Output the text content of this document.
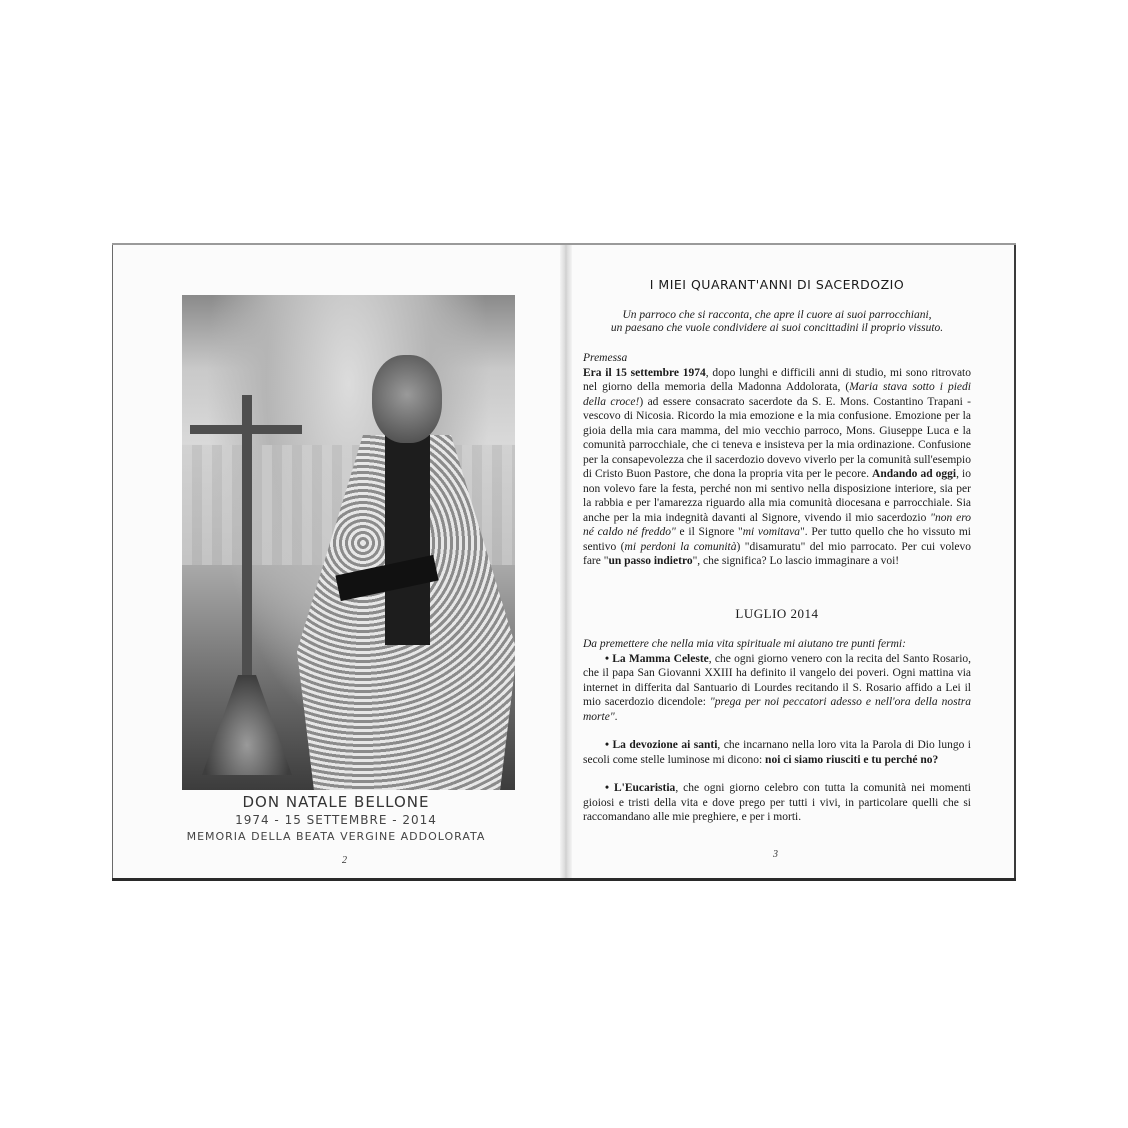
DON NATALE BELLONE
1974 - 15 SETTEMBRE - 2014
MEMORIA DELLA BEATA VERGINE ADDOLORATA
2
I MIEI QUARANT'ANNI DI SACERDOZIO
Un parroco che si racconta, che apre il cuore ai suoi parrocchiani,
un paesano che vuole condividere ai suoi concittadini il proprio vissuto.

Premessa

Era il 15 settembre 1974, dopo lunghi e difficili anni di studio, mi sono ritrovato nel giorno della memoria della Madonna Addolorata, (Maria stava sotto i piedi della croce!) ad essere consacrato sacerdote da S. E. Mons. Costantino Trapani - vescovo di Nicosia. Ricordo la mia emozione e la mia confusione. Emozione per la gioia della mia cara mamma, del mio vecchio parroco, Mons. Giuseppe Luca e la comunità parrocchiale, che ci teneva e insisteva per la mia ordinazione. Confusione per la consapevolezza che il sacerdozio dovevo viverlo per la comunità sull'esempio di Cristo Buon Pastore, che dona la propria vita per le pecore. Andando ad oggi, io non volevo fare la festa, perché non mi sentivo nella disposizione interiore, sia per la rabbia e per l'amarezza riguardo alla mia comunità diocesana e parrocchiale. Sia anche per la mia indegnità davanti al Signore, vivendo il mio sacerdozio "non ero né caldo né freddo" e il Signore "mi vomitava". Per tutto quello che ho vissuto mi sentivo (mi perdoni la comunità) "disamuratu" del mio parrocato. Per cui volevo fare "un passo indietro", che significa? Lo lascio immaginare a voi!

LUGLIO 2014

Da premettere che nella mia vita spirituale mi aiutano tre punti fermi:

• La Mamma Celeste, che ogni giorno venero con la recita del Santo Rosario, che il papa San Giovanni XXIII ha definito il vangelo dei poveri. Ogni mattina via internet in differita dal Santuario di Lourdes recitando il S. Rosario affido a Lei il mio sacerdozio dicendole: "prega per noi peccatori adesso e nell'ora della nostra morte".

• La devozione ai santi, che incarnano nella loro vita la Parola di Dio lungo i secoli come stelle luminose mi dicono: noi ci siamo riusciti e tu perché no?

• L'Eucaristia, che ogni giorno celebro con tutta la comunità nei momenti gioiosi e tristi della vita e dove prego per tutti i vivi, in particolare quelli che si raccomandano alle mie preghiere, e per i morti.

3
